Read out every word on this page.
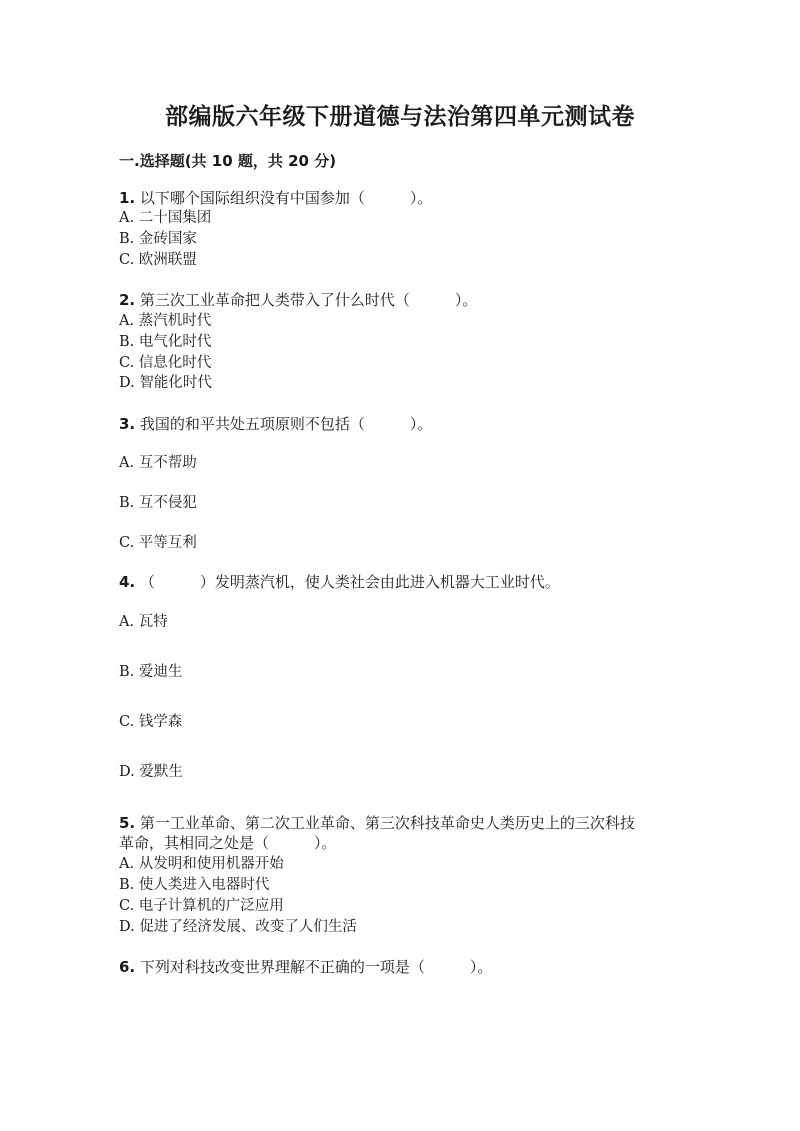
部编版六年级下册道德与法治第四单元测试卷
一.选择题(共 10 题，共 20 分)
1. 以下哪个国际组织没有中国参加（　　　）。
A. 二十国集团
B. 金砖国家
C. 欧洲联盟
2. 第三次工业革命把人类带入了什么时代（　　　）。
A. 蒸汽机时代
B. 电气化时代
C. 信息化时代
D. 智能化时代
3. 我国的和平共处五项原则不包括（　　　）。
A. 互不帮助
B. 互不侵犯
C. 平等互利
4. （　　　）发明蒸汽机，使人类社会由此进入机器大工业时代。
A. 瓦特
B. 爱迪生
C. 钱学森
D. 爱默生
5. 第一工业革命、第二次工业革命、第三次科技革命史人类历史上的三次科技
革命，其相同之处是（　　　）。
A. 从发明和使用机器开始
B. 使人类进入电器时代
C. 电子计算机的广泛应用
D. 促进了经济发展、改变了人们生活
6. 下列对科技改变世界理解不正确的一项是（　　　）。
